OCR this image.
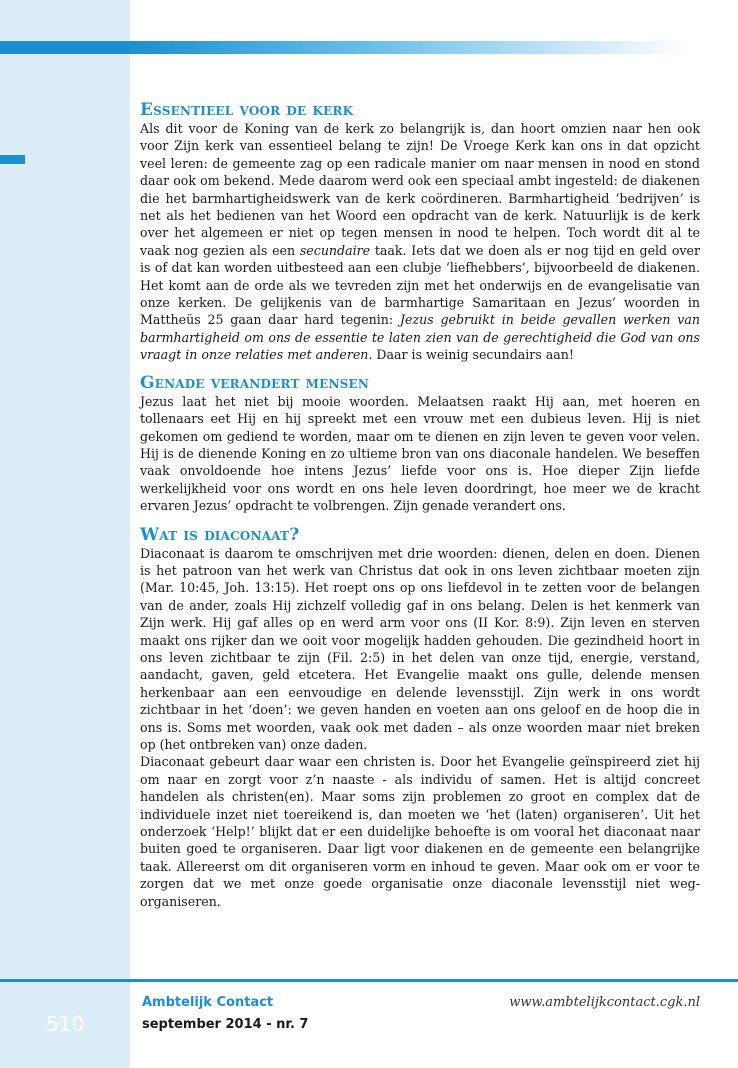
Essentieel voor de kerk

Als dit voor de Koning van de kerk zo belangrijk is, dan hoort omzien naar hen ook voor Zijn kerk van essentieel belang te zijn! De Vroege Kerk kan ons in dat opzicht veel leren: de gemeente zag op een radicale manier om naar mensen in nood en stond daar ook om bekend. Mede daarom werd ook een speciaal ambt ingesteld: de diakenen die het barmhartigheidswerk van de kerk coördineren. Barmhartigheid ‘bedrijven’ is net als het bedienen van het Woord een opdracht van de kerk. Natuurlijk is de kerk over het algemeen er niet op tegen mensen in nood te helpen. Toch wordt dit al te vaak nog gezien als een secundaire taak. Iets dat we doen als er nog tijd en geld over is of dat kan worden uitbesteed aan een clubje ‘liefhebbers’, bijvoorbeeld de diakenen. Het komt aan de orde als we tevreden zijn met het onderwijs en de evangelisatie van onze kerken. De gelijkenis van de barmhartige Samaritaan en Jezus’ woorden in Mattheüs 25 gaan daar hard tegenin: Jezus gebruikt in beide gevallen werken van barmhartigheid om ons de essentie te laten zien van de gerechtigheid die God van ons vraagt in onze relaties met anderen. Daar is weinig secundairs aan!

Genade verandert mensen

Jezus laat het niet bij mooie woorden. Melaatsen raakt Hij aan, met hoeren en tollenaars eet Hij en hij spreekt met een vrouw met een dubieus leven. Hij is niet gekomen om gediend te worden, maar om te dienen en zijn leven te geven voor velen. Hij is de dienende Koning en zo ultieme bron van ons diaconale handelen. We beseffen vaak onvoldoende hoe intens Jezus’ liefde voor ons is. Hoe dieper Zijn liefde werkelijkheid voor ons wordt en ons hele leven doordringt, hoe meer we de kracht ervaren Jezus’ opdracht te volbrengen. Zijn genade verandert ons.

Wat is diaconaat?

Diaconaat is daarom te omschrijven met drie woorden: dienen, delen en doen. Dienen is het patroon van het werk van Christus dat ook in ons leven zichtbaar moeten zijn (Mar. 10:45, Joh. 13:15). Het roept ons op ons liefdevol in te zetten voor de belangen van de ander, zoals Hij zichzelf volledig gaf in ons belang. Delen is het kenmerk van Zijn werk. Hij gaf alles op en werd arm voor ons (II Kor. 8:9). Zijn leven en sterven maakt ons rijker dan we ooit voor mogelijk hadden gehouden. Die gezindheid hoort in ons leven zichtbaar te zijn (Fil. 2:5) in het delen van onze tijd, energie, verstand, aandacht, gaven, geld etcetera. Het Evangelie maakt ons gulle, delende mensen herkenbaar aan een eenvoudige en delende levensstijl. Zijn werk in ons wordt zichtbaar in het ‘doen’: we geven handen en voeten aan ons geloof en de hoop die in ons is. Soms met woorden, vaak ook met daden – als onze woorden maar niet breken op (het ontbreken van) onze daden.

Diaconaat gebeurt daar waar een christen is. Door het Evangelie geïnspireerd ziet hij om naar en zorgt voor z’n naaste - als individu of samen. Het is altijd concreet handelen als christen(en). Maar soms zijn problemen zo groot en complex dat de individuele inzet niet toereikend is, dan moeten we ‘het (laten) organiseren’. Uit het onderzoek ‘Help!’ blijkt dat er een duidelijke behoefte is om vooral het diaconaat naar buiten goed te organiseren. Daar ligt voor diakenen en de gemeente een belangrijke taak. Allereerst om dit organiseren vorm en inhoud te geven. Maar ook om er voor te zorgen dat we met onze goede organisatie onze diaconale levensstijl niet weg-organiseren.

510
Ambtelijk Contact
september 2014 - nr. 7
www.ambtelijkcontact.cgk.nl
